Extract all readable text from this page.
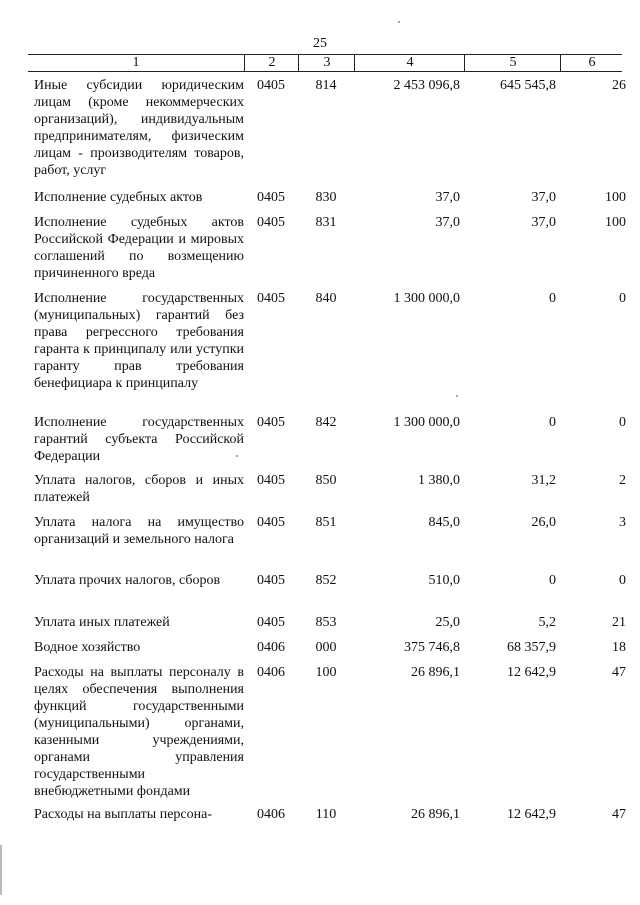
25
1	2	3	4	5	6
Иные субсидии юридическим лицам (кроме некоммерческих организаций), индивидуальным предпринимателям, физическим лицам - производителям товаров, работ, услуг	0405	814	2 453 096,8	645 545,8	26
Исполнение судебных актов	0405	830	37,0	37,0	100
Исполнение судебных актов Российской Федерации и мировых соглашений по возмещению причиненного вреда	0405	831	37,0	37,0	100
Исполнение государственных (муниципальных) гарантий без права регрессного требования гаранта к принципалу или уступки гаранту прав требования бенефициара к принципалу	0405	840	1 300 000,0	0	0
Исполнение государственных гарантий субъекта Российской Федерации	0405	842	1 300 000,0	0	0
Уплата налогов, сборов и иных платежей	0405	850	1 380,0	31,2	2
Уплата налога на имущество организаций и земельного налога	0405	851	845,0	26,0	3
Уплата прочих налогов, сборов	0405	852	510,0	0	0
Уплата иных платежей	0405	853	25,0	5,2	21
Водное хозяйство	0406	000	375 746,8	68 357,9	18
Расходы на выплаты персоналу в целях обеспечения выполнения функций государственными (муниципальными) органами, казенными учреждениями, органами управления государственными внебюджетными фондами	0406	100	26 896,1	12 642,9	47
Расходы на выплаты персона-	0406	110	26 896,1	12 642,9	47
